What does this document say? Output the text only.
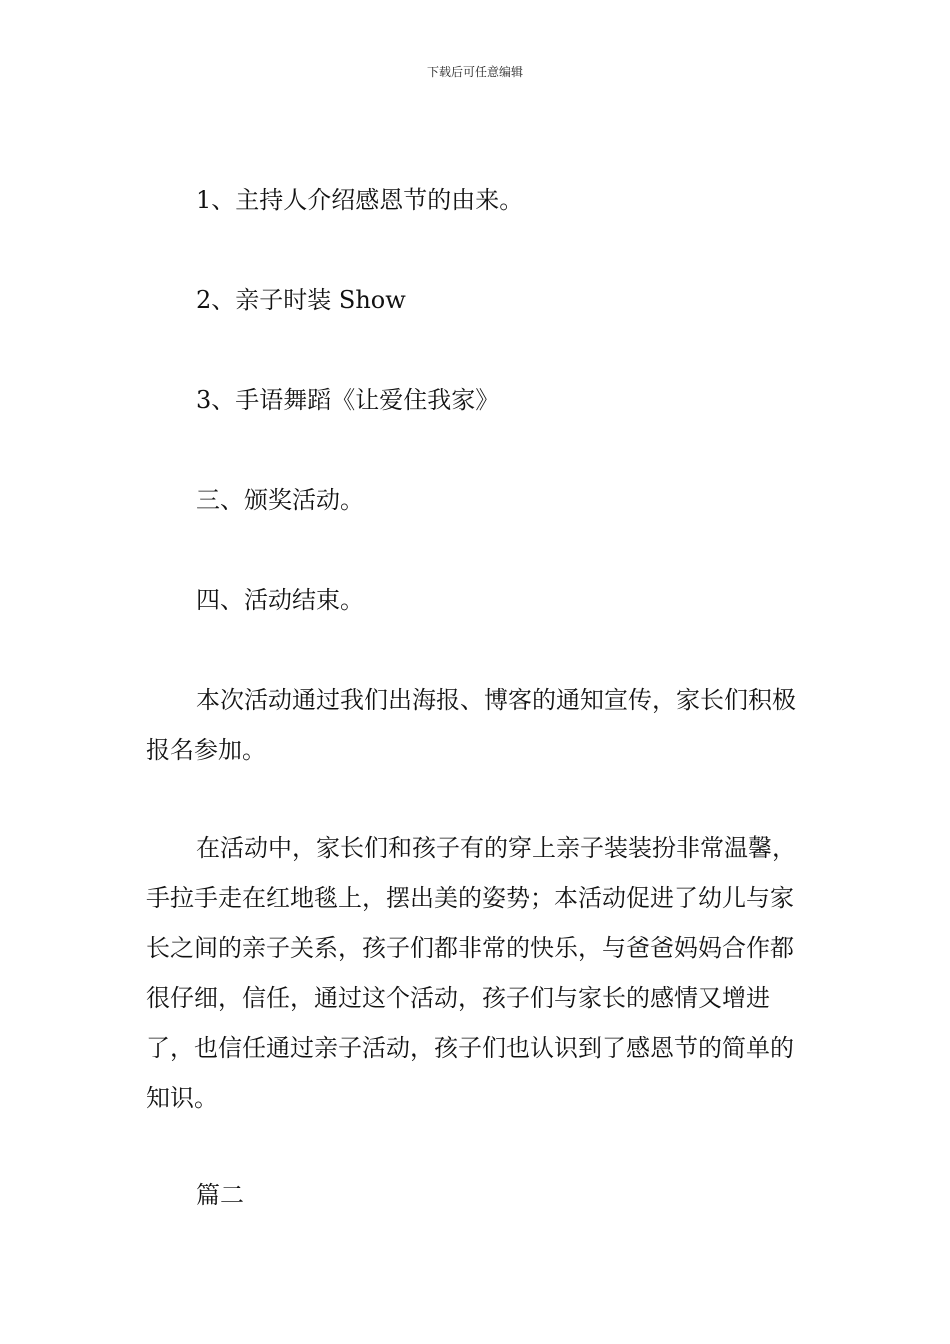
下载后可任意编辑
1、主持人介绍感恩节的由来。
2、亲子时装 Show
3、手语舞蹈《让爱住我家》
三、颁奖活动。
四、活动结束。

本次活动通过我们出海报、博客的通知宣传，家长们积极报名参加。

在活动中，家长们和孩子有的穿上亲子装装扮非常温馨，手拉手走在红地毯上，摆出美的姿势；本活动促进了幼儿与家长之间的亲子关系，孩子们都非常的快乐，与爸爸妈妈合作都很仔细，信任，通过这个活动，孩子们与家长的感情又增进了，也信任通过亲子活动，孩子们也认识到了感恩节的简单的知识。

篇二
